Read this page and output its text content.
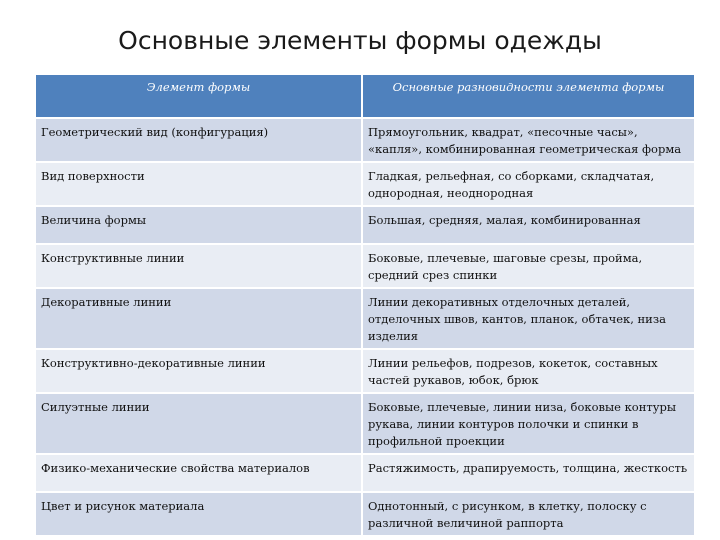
Основные элементы формы одежды
Элемент формы	Основные разновидности элемента формы
Геометрический вид (конфигурация)	Прямоугольник, квадрат, «песочные часы», «капля», комбинированная геометрическая форма
Вид поверхности	Гладкая, рельефная, со сборками, складчатая, однородная, неоднородная
Величина формы	Большая, средняя, малая, комбинированная
Конструктивные линии	Боковые, плечевые, шаговые срезы, пройма, средний срез спинки
Декоративные линии	Линии декоративных отделочных деталей, отделочных швов, кантов, планок, обтачек, низа изделия
Конструктивно-декоративные линии	Линии рельефов, подрезов, кокеток, составных частей рукавов, юбок, брюк
Силуэтные линии	Боковые, плечевые, линии низа, боковые контуры рукава, линии контуров полочки и спинки в профильной проекции
Физико-механические свойства материалов	Растяжимость, драпируемость, толщина, жесткость
Цвет и рисунок материала	Однотонный, с рисунком, в клетку, полоску с различной величиной раппорта
